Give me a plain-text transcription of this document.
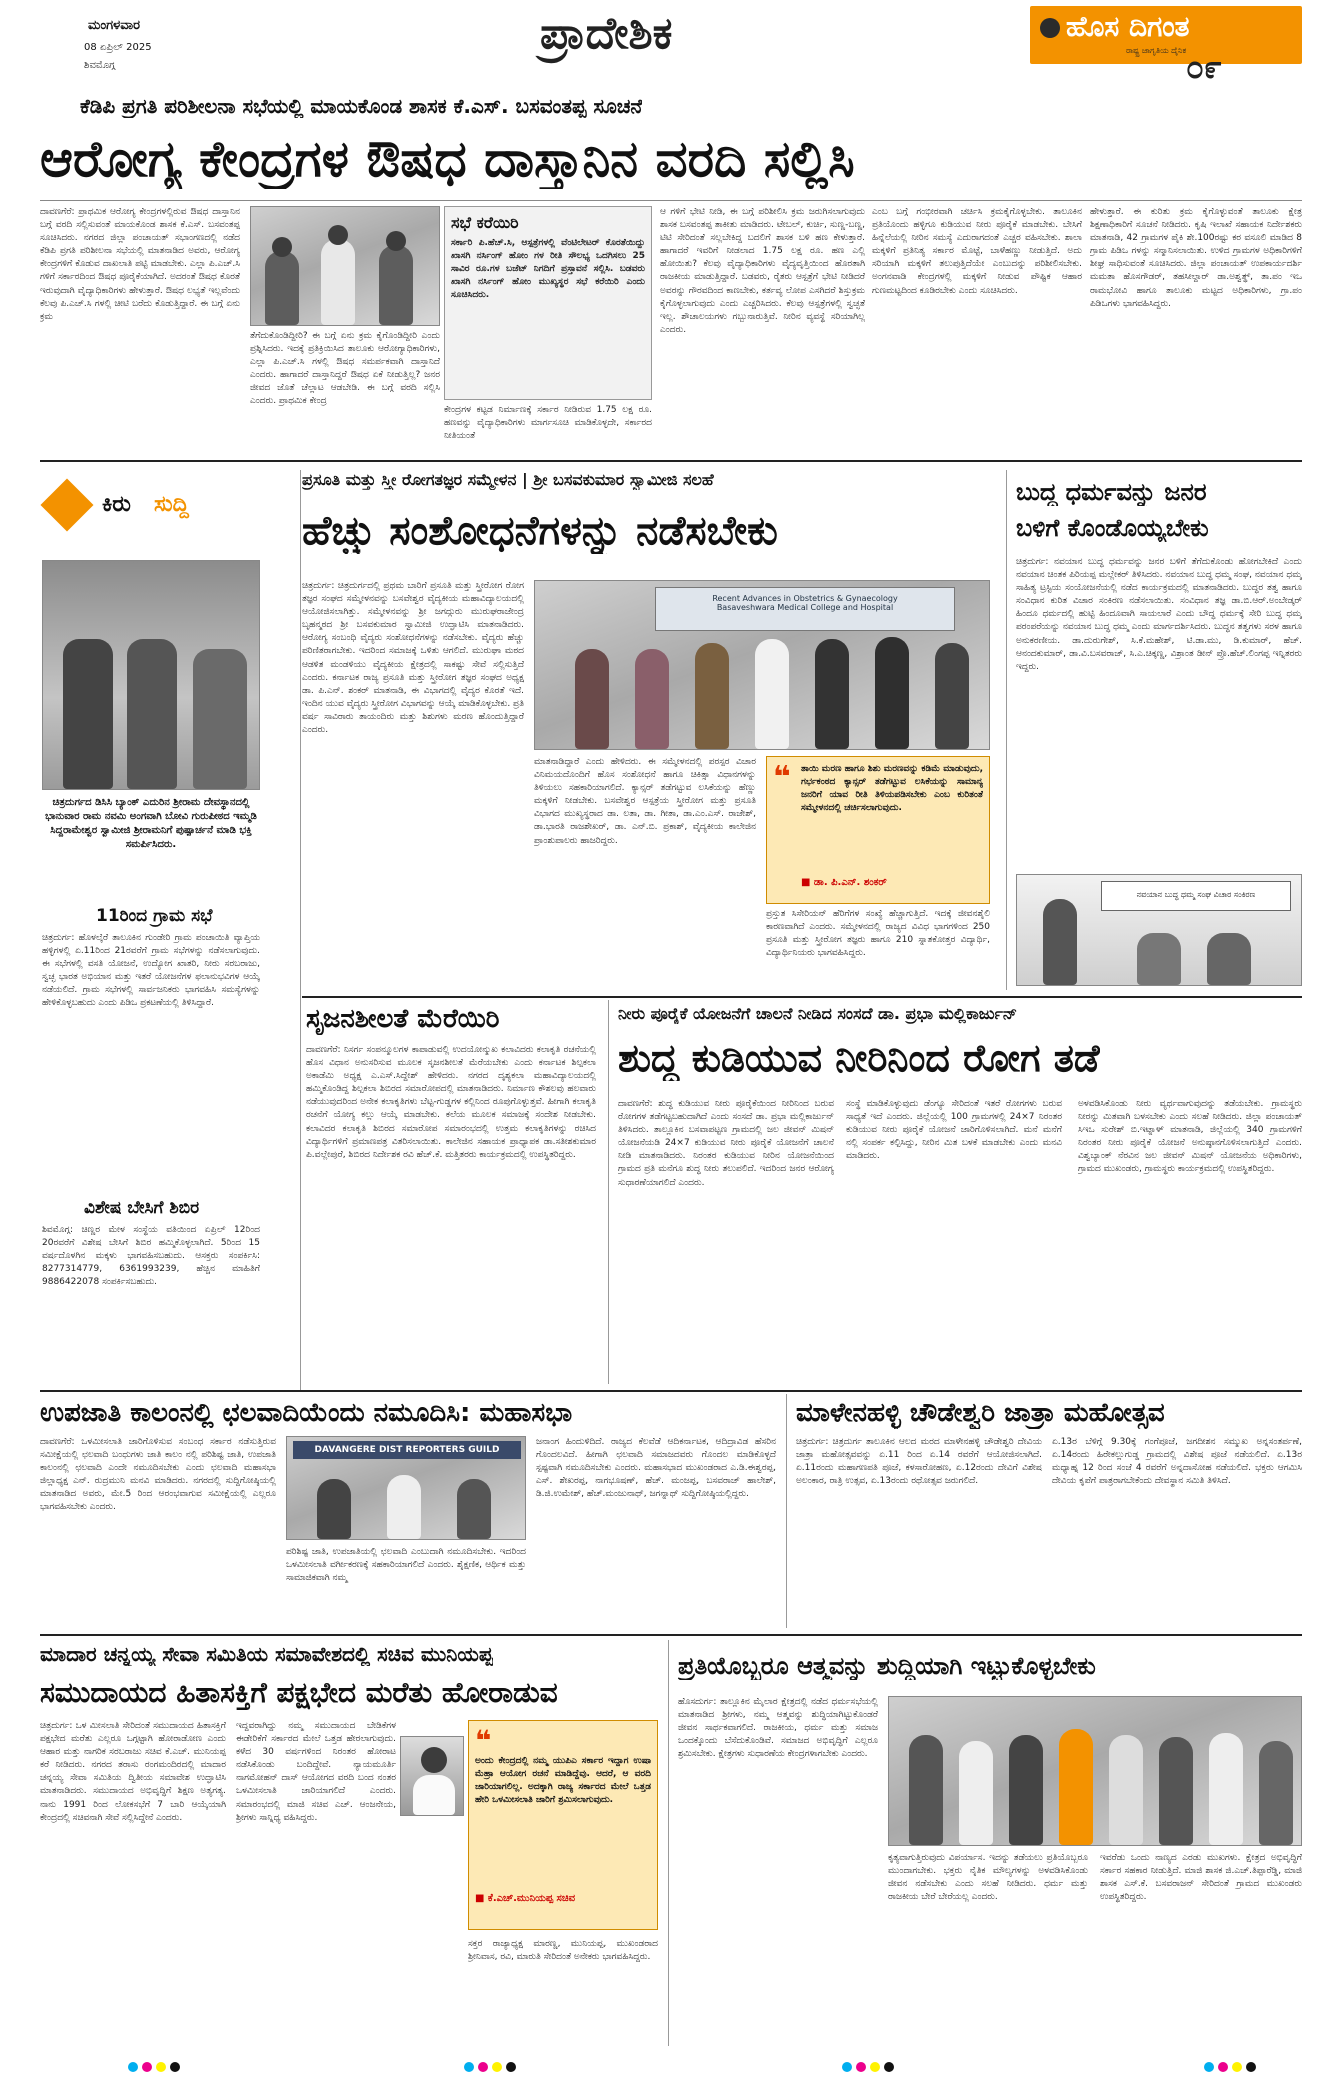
ಮಂಗಳವಾರ
08 ಏಪ್ರಿಲ್ 2025
ಶಿವಮೊಗ್ಗ
ಪ್ರಾದೇಶಿಕ	ಹೊಸ ದಿಗಂತ
ರಾಷ್ಟ್ರ ಜಾಗೃತಿಯ ದೈನಿಕ ೦೯
ಕೆಡಿಪಿ ಪ್ರಗತಿ ಪರಿಶೀಲನಾ ಸಭೆಯಲ್ಲಿ ಮಾಯಕೊಂಡ ಶಾಸಕ ಕೆ.ಎಸ್‌. ಬಸವಂತಪ್ಪ ಸೂಚನೆ
ಆರೋಗ್ಯ ಕೇಂದ್ರಗಳ ಔಷಧ ದಾಸ್ತಾನಿನ ವರದಿ ಸಲ್ಲಿಸಿ
ದಾವಣಗೆರೆ: ಪ್ರಾಥಮಿಕ ಆರೋಗ್ಯ ಕೇಂದ್ರಗಳಲ್ಲಿರುವ ಔಷಧ ದಾಸ್ತಾನಿನ ಬಗ್ಗೆ ವರದಿ ಸಲ್ಲಿಸುವಂತೆ ಮಾಯಕೊಂಡ ಶಾಸಕ ಕೆ.ಎಸ್. ಬಸವಂತಪ್ಪ ಸೂಚಿಸಿದರು. ನಗರದ ಜಿಲ್ಲಾ ಪಂಚಾಯತ್ ಸಭಾಂಗಣದಲ್ಲಿ ನಡೆದ ಕೆಡಿಪಿ ಪ್ರಗತಿ ಪರಿಶೀಲನಾ ಸಭೆಯಲ್ಲಿ ಮಾತನಾಡಿದ ಅವರು, ಆರೋಗ್ಯ ಕೇಂದ್ರಗಳಿಗೆ ಕೊಡುವ ದಾಖಲಾತಿ ಪಟ್ಟಿ ಮಾಡಬೇಕು. ಎಲ್ಲಾ ಪಿ.ಎಚ್.ಸಿ ಗಳಿಗೆ ಸರ್ಕಾರದಿಂದ ಔಷಧ ಪೂರೈಕೆಯಾಗಿದೆ. ಅದರಂತೆ ಔಷಧ ಕೊರತೆ ಇರುವುದಾಗಿ ವೈದ್ಯಾಧಿಕಾರಿಗಳು ಹೇಳುತ್ತಾರೆ. ಔಷಧ ಲಭ್ಯತೆ ಇಲ್ಲವೆಂದು ಕೆಲವು ಪಿ.ಎಚ್.ಸಿ ಗಳಲ್ಲಿ ಚೀಟಿ ಬರೆದು ಕೊಡುತ್ತಿದ್ದಾರೆ. ಈ ಬಗ್ಗೆ ಏನು ಕ್ರಮ
ತೆಗೆದುಕೊಂಡಿದ್ದೀರಿ? ಈ ಬಗ್ಗೆ ಏನು ಕ್ರಮ ಕೈಗೊಂಡಿದ್ದೀರಿ ಎಂದು ಪ್ರಶ್ನಿಸಿದರು. ಇದಕ್ಕೆ ಪ್ರತಿಕ್ರಿಯಿಸಿದ ತಾಲೂಕು ಆರೋಗ್ಯಾಧಿಕಾರಿಗಳು, ಎಲ್ಲಾ ಪಿ.ಎಚ್.ಸಿ ಗಳಲ್ಲಿ ಔಷಧ ಸಮರ್ಪಕವಾಗಿ ದಾಸ್ತಾನಿದೆ ಎಂದರು. ಹಾಗಾದರೆ ದಾಸ್ತಾನಿದ್ದರೆ ಔಷಧ ಏಕೆ ನೀಡುತ್ತಿಲ್ಲ? ಜನರ ಜೀವದ ಜೊತೆ ಚೆಲ್ಲಾಟ ಆಡಬೇಡಿ. ಈ ಬಗ್ಗೆ ವರದಿ ಸಲ್ಲಿಸಿ ಎಂದರು. ಪ್ರಾಥಮಿಕ ಕೇಂದ್ರ
ಸಭೆ ಕರೆಯಿರಿ
ಸರ್ಕಾರಿ ಪಿ.ಹೆಚ್.ಸಿ, ಆಸ್ಪತ್ರೆಗಳಲ್ಲಿ ವೆಂಟಿಲೇಟರ್ ಕೊರತೆಯಿದ್ದು ಖಾಸಗಿ ನರ್ಸಿಂಗ್ ಹೋಂ ಗಳ ರೀತಿ ಸೌಲಭ್ಯ ಒದಗಿಸಲು 25 ಸಾವಿರ ರೂ.ಗಳ ಬಜೆಟ್ ನಿಗದಿಗೆ ಪ್ರಸ್ತಾವನೆ ಸಲ್ಲಿಸಿ. ಬಡವರು ಖಾಸಗಿ ನರ್ಸಿಂಗ್ ಹೋಂ ಮುಖ್ಯಸ್ಥರ ಸಭೆ ಕರೆಯಿರಿ ಎಂದು ಸೂಚಿಸಿದರು.
ಕೇಂದ್ರಗಳ ಕಟ್ಟಡ ನಿರ್ಮಾಣಕ್ಕೆ ಸರ್ಕಾರ ನೀಡಿರುವ 1.75 ಲಕ್ಷ ರೂ. ಹಣವನ್ನು ವೈದ್ಯಾಧಿಕಾರಿಗಳು ಮಾರ್ಗಸೂಚಿ ಮಾಡಿಕೊಳ್ಳದೇ, ಸರ್ಕಾರದ ನೀತಿಯಂತೆ
ಆ ಗಳಿಗೆ ಭೇಟಿ ನೀಡಿ, ಈ ಬಗ್ಗೆ ಪರಿಶೀಲಿಸಿ ಕ್ರಮ ಜರುಗಿಸಲಾಗುವುದು ಶಾಸಕ ಬಸವಂತಪ್ಪ ತಾಕೀತು ಮಾಡಿದರು. ಟೇಬಲ್, ಕುರ್ಚಿ, ಸುಣ್ಣ-ಬಣ್ಣ, ಟಿಟಿ ಸೇರಿದಂತೆ ಸಲ್ಲಬೇಕಿದ್ದ ಬದಲಿಗೆ ಶಾಸಕ ಬಳಿ ಹಣ ಕೇಳುತ್ತಾರೆ. ಹಾಗಾದರೆ ಇವರಿಗೆ ನೀಡಲಾದ 1.75 ಲಕ್ಷ ರೂ. ಹಣ ಎಲ್ಲಿ ಹೋಯಿತು? ಕೆಲವು ವೈದ್ಯಾಧಿಕಾರಿಗಳು ವೈದ್ಯವೃತ್ತಿಯಿಂದ ಹೊರತಾಗಿ ರಾಜಕೀಯ ಮಾಡುತ್ತಿದ್ದಾರೆ. ಬಡವರು, ರೈತರು ಆಸ್ಪತ್ರೆಗೆ ಭೇಟಿ ನೀಡಿದರೆ ಅವರನ್ನು ಗೌರವದಿಂದ ಕಾಣಬೇಕು, ಕರ್ತವ್ಯ ಲೋಪ ಎಸಗಿದರೆ ಶಿಸ್ತುಕ್ರಮ ಕೈಗೊಳ್ಳಲಾಗುವುದು ಎಂದು ಎಚ್ಚರಿಸಿದರು. ಕೆಲವು ಆಸ್ಪತ್ರೆಗಳಲ್ಲಿ ಸ್ವಚ್ಛತೆ ಇಲ್ಲ. ಶೌಚಾಲಯಗಳು ಗಬ್ಬುನಾರುತ್ತಿವೆ. ನೀರಿನ ವ್ಯವಸ್ಥೆ ಸರಿಯಾಗಿಲ್ಲ ಎಂದರು.
ಎಂಬ ಬಗ್ಗೆ ಗಂಭೀರವಾಗಿ ಚರ್ಚಿಸಿ ಕ್ರಮಕೈಗೊಳ್ಳಬೇಕು. ತಾಲೂಕಿನ ಪ್ರತಿಯೊಂದು ಹಳ್ಳಿಗೂ ಕುಡಿಯುವ ನೀರು ಪೂರೈಕೆ ಮಾಡಬೇಕು. ಬೇಸಿಗೆ ಹಿನ್ನೆಲೆಯಲ್ಲಿ ನೀರಿನ ಸಮಸ್ಯೆ ಎದುರಾಗದಂತೆ ಎಚ್ಚರ ವಹಿಸಬೇಕು. ಶಾಲಾ ಮಕ್ಕಳಿಗೆ ಪ್ರತಿನಿತ್ಯ ಸರ್ಕಾರ ಮೊಟ್ಟೆ, ಬಾಳೆಹಣ್ಣು ನೀಡುತ್ತಿದೆ. ಅದು ಸರಿಯಾಗಿ ಮಕ್ಕಳಿಗೆ ತಲುಪುತ್ತಿದೆಯೇ ಎಂಬುದನ್ನು ಪರಿಶೀಲಿಸಬೇಕು. ಅಂಗನವಾಡಿ ಕೇಂದ್ರಗಳಲ್ಲಿ ಮಕ್ಕಳಿಗೆ ನೀಡುವ ಪೌಷ್ಟಿಕ ಆಹಾರ ಗುಣಮಟ್ಟದಿಂದ ಕೂಡಿರಬೇಕು ಎಂದು ಸೂಚಿಸಿದರು.
ಹೇಳುತ್ತಾರೆ. ಈ ಕುರಿತು ಕ್ರಮ ಕೈಗೊಳ್ಳುವಂತೆ ತಾಲೂಕು ಕ್ಷೇತ್ರ ಶಿಕ್ಷಣಾಧಿಕಾರಿಗೆ ಸೂಚನೆ ನೀಡಿದರು. ಕೃಷಿ ಇಲಾಖೆ ಸಹಾಯಕ ನಿರ್ದೇಶಕರು ಮಾತನಾಡಿ, 42 ಗ್ರಾಮಗಳ ಪೈಕಿ ಶೇ.100ರಷ್ಟು ಕರ ವಸೂಲಿ ಮಾಡಿದ 8 ಗ್ರಾಮ ಪಿಡಿಒ ಗಳನ್ನು ಸನ್ಮಾನಿಸಲಾಯಿತು. ಉಳಿದ ಗ್ರಾಮಗಳ ಅಧಿಕಾರಿಗಳಿಗೆ ಶೀಘ್ರ ಸಾಧಿಸುವಂತೆ ಸೂಚಿಸಿದರು. ಜಿಲ್ಲಾ ಪಂಚಾಯತ್ ಉಪಕಾರ್ಯದರ್ಶಿ ಮಮತಾ ಹೊಸಗೌಡರ್, ತಹಸೀಲ್ದಾರ್ ಡಾ.ಅಶ್ವತ್ಥ್, ತಾ.ಪಂ ಇಒ ರಾಮಭೋವಿ ಹಾಗೂ ತಾಲೂಕು ಮಟ್ಟದ ಅಧಿಕಾರಿಗಳು, ಗ್ರಾ.ಪಂ ಪಿಡಿಒಗಳು ಭಾಗವಹಿಸಿದ್ದರು.
ಕಿರು ಸುದ್ದಿ
ಚಿತ್ರದುರ್ಗದ ಡಿಸಿಸಿ ಬ್ಯಾಂಕ್ ಎದುರಿನ ಶ್ರೀರಾಮ ದೇವಸ್ಥಾನದಲ್ಲಿ ಭಾನುವಾರ ರಾಮ ನವಮಿ ಅಂಗವಾಗಿ ಬೋವಿ ಗುರುಪೀಠದ ಇಮ್ಮಡಿ ಸಿದ್ದರಾಮೇಶ್ವರ ಸ್ವಾಮೀಜಿ ಶ್ರೀರಾಮನಿಗೆ ಪುಷ್ಪಾರ್ಚನೆ ಮಾಡಿ ಭಕ್ತಿ ಸಮರ್ಪಿಸಿದರು.
11ರಿಂದ ಗ್ರಾಮ ಸಭೆ
ಚಿತ್ರದುರ್ಗ: ಹೊಳಲ್ಕೆರೆ ತಾಲೂಕಿನ ಗುಂಡೇರಿ ಗ್ರಾಮ ಪಂಚಾಯಿತಿ ವ್ಯಾಪ್ತಿಯ ಹಳ್ಳಿಗಳಲ್ಲಿ ಏ.11ರಿಂದ 21ರವರೆಗೆ ಗ್ರಾಮ ಸಭೆಗಳನ್ನು ನಡೆಸಲಾಗುವುದು. ಈ ಸಭೆಗಳಲ್ಲಿ ವಸತಿ ಯೋಜನೆ, ಉದ್ಯೋಗ ಖಾತರಿ, ನೀರು ಸರಬರಾಜು, ಸ್ವಚ್ಛ ಭಾರತ ಅಭಿಯಾನ ಮತ್ತು ಇತರೆ ಯೋಜನೆಗಳ ಫಲಾನುಭವಿಗಳ ಆಯ್ಕೆ ನಡೆಯಲಿದೆ. ಗ್ರಾಮ ಸಭೆಗಳಲ್ಲಿ ಸಾರ್ವಜನಿಕರು ಭಾಗವಹಿಸಿ ಸಮಸ್ಯೆಗಳನ್ನು ಹೇಳಿಕೊಳ್ಳಬಹುದು ಎಂದು ಪಿಡಿಒ ಪ್ರಕಟಣೆಯಲ್ಲಿ ತಿಳಿಸಿದ್ದಾರೆ.
ವಿಶೇಷ ಬೇಸಿಗೆ ಶಿಬಿರ
ಶಿವಮೊಗ್ಗ: ಚಿಣ್ಣರ ಮೇಳ ಸಂಸ್ಥೆಯ ವತಿಯಿಂದ ಏಪ್ರಿಲ್ 12ರಿಂದ 20ರವರೆಗೆ ವಿಶೇಷ ಬೇಸಿಗೆ ಶಿಬಿರ ಹಮ್ಮಿಕೊಳ್ಳಲಾಗಿದೆ. 5ರಿಂದ 15 ವರ್ಷದೊಳಗಿನ ಮಕ್ಕಳು ಭಾಗವಹಿಸಬಹುದು. ಆಸಕ್ತರು ಸಂಪರ್ಕಿಸಿ: 8277314779, 6361993239, ಹೆಚ್ಚಿನ ಮಾಹಿತಿಗೆ 9886422078 ಸಂಪರ್ಕಿಸಬಹುದು.
ಪ್ರಸೂತಿ ಮತ್ತು ಸ್ತ್ರೀ ರೋಗತಜ್ಞರ ಸಮ್ಮೇಳನ | ಶ್ರೀ ಬಸವಕುಮಾರ ಸ್ವಾಮೀಜಿ ಸಲಹೆ
ಹೆಚ್ಚು ಸಂಶೋಧನೆಗಳನ್ನು ನಡೆಸಬೇಕು
ಚಿತ್ರದುರ್ಗ: ಚಿತ್ರದುರ್ಗದಲ್ಲಿ ಪ್ರಥಮ ಬಾರಿಗೆ ಪ್ರಸೂತಿ ಮತ್ತು ಸ್ತ್ರೀರೋಗ ರೋಗ ತಜ್ಞರ ಸಂಘದ ಸಮ್ಮೇಳನವನ್ನು ಬಸವೇಶ್ವರ ವೈದ್ಯಕೀಯ ಮಹಾವಿದ್ಯಾಲಯದಲ್ಲಿ ಆಯೋಜಿಸಲಾಗಿತ್ತು. ಸಮ್ಮೇಳನವನ್ನು ಶ್ರೀ ಜಗದ್ಗುರು ಮುರುಘರಾಜೇಂದ್ರ ಬೃಹನ್ಮಠದ ಶ್ರೀ ಬಸವಕುಮಾರ ಸ್ವಾಮೀಜಿ ಉದ್ಘಾಟಿಸಿ ಮಾತನಾಡಿದರು. ಆರೋಗ್ಯ ಸಂಬಂಧಿ ವೈದ್ಯರು ಸಂಶೋಧನೆಗಳನ್ನು ನಡೆಸಬೇಕು. ವೈದ್ಯರು ಹೆಚ್ಚು ಪರಿಣಿತರಾಗಬೇಕು. ಇದರಿಂದ ಸಮಾಜಕ್ಕೆ ಒಳಿತು ಆಗಲಿದೆ. ಮುರುಘಾ ಮಠದ ಆಡಳಿತ ಮಂಡಳಿಯು ವೈದ್ಯಕೀಯ ಕ್ಷೇತ್ರದಲ್ಲಿ ಸಾಕಷ್ಟು ಸೇವೆ ಸಲ್ಲಿಸುತ್ತಿದೆ ಎಂದರು. ಕರ್ನಾಟಕ ರಾಜ್ಯ ಪ್ರಸೂತಿ ಮತ್ತು ಸ್ತ್ರೀರೋಗ ತಜ್ಞರ ಸಂಘದ ಅಧ್ಯಕ್ಷ ಡಾ. ಪಿ.ಎನ್. ಶಂಕರ್ ಮಾತನಾಡಿ, ಈ ವಿಭಾಗದಲ್ಲಿ ವೈದ್ಯರ ಕೊರತೆ ಇದೆ. ಇಂದಿನ ಯುವ ವೈದ್ಯರು ಸ್ತ್ರೀರೋಗ ವಿಭಾಗವನ್ನು ಆಯ್ಕೆ ಮಾಡಿಕೊಳ್ಳಬೇಕು. ಪ್ರತಿ ವರ್ಷ ಸಾವಿರಾರು ತಾಯಂದಿರು ಮತ್ತು ಶಿಶುಗಳು ಮರಣ ಹೊಂದುತ್ತಿದ್ದಾರೆ ಎಂದರು.
Recent Advances in Obstetrics & Gynaecology
Basaveshwara Medical College and Hospital
ಮಾತನಾಡಿದ್ದಾರೆ ಎಂದು ಹೇಳಿದರು. ಈ ಸಮ್ಮೇಳನದಲ್ಲಿ ಪರಸ್ಪರ ವಿಚಾರ ವಿನಿಮಯದೊಂದಿಗೆ ಹೊಸ ಸಂಶೋಧನೆ ಹಾಗೂ ಚಿಕಿತ್ಸಾ ವಿಧಾನಗಳನ್ನು ತಿಳಿಯಲು ಸಹಕಾರಿಯಾಗಲಿದೆ. ಕ್ಯಾನ್ಸರ್ ತಡೆಗಟ್ಟುವ ಲಸಿಕೆಯನ್ನು ಹೆಣ್ಣು ಮಕ್ಕಳಿಗೆ ನೀಡಬೇಕು. ಬಸವೇಶ್ವರ ಆಸ್ಪತ್ರೆಯ ಸ್ತ್ರೀರೋಗ ಮತ್ತು ಪ್ರಸೂತಿ ವಿಭಾಗದ ಮುಖ್ಯಸ್ಥರಾದ ಡಾ. ಲತಾ, ಡಾ. ಗೀತಾ, ಡಾ.ಎಂ.ಎಸ್. ರಾಜೇಶ್, ಡಾ.ಭಾರತಿ ರಾಜಶೇಖರ್, ಡಾ. ಎನ್.ಬಿ. ಪ್ರಕಾಶ್, ವೈದ್ಯಕೀಯ ಕಾಲೇಜಿನ ಪ್ರಾಂಶುಪಾಲರು ಹಾಜರಿದ್ದರು.
❝ ತಾಯಿ ಮರಣ ಹಾಗೂ ಶಿಶು ಮರಣವನ್ನು ಕಡಿಮೆ ಮಾಡುವುದು, ಗರ್ಭಕಂಠದ ಕ್ಯಾನ್ಸರ್ ತಡೆಗಟ್ಟುವ ಲಸಿಕೆಯನ್ನು ಸಾಮಾನ್ಯ ಜನರಿಗೆ ಯಾವ ರೀತಿ ತಿಳಿಯಪಡಿಸಬೇಕು ಎಂಬ ಕುರಿತಂತೆ ಸಮ್ಮೇಳನದಲ್ಲಿ ಚರ್ಚಿಸಲಾಗುವುದು.
■ ಡಾ. ಪಿ.ಎನ್. ಶಂಕರ್
ಪ್ರಸ್ತುತ ಸಿಸೇರಿಯನ್ ಹೆರಿಗೆಗಳ ಸಂಖ್ಯೆ ಹೆಚ್ಚಾಗುತ್ತಿದೆ. ಇದಕ್ಕೆ ಜೀವನಶೈಲಿ ಕಾರಣವಾಗಿದೆ ಎಂದರು. ಸಮ್ಮೇಳನದಲ್ಲಿ ರಾಜ್ಯದ ವಿವಿಧ ಭಾಗಗಳಿಂದ 250 ಪ್ರಸೂತಿ ಮತ್ತು ಸ್ತ್ರೀರೋಗ ತಜ್ಞರು ಹಾಗೂ 210 ಸ್ನಾತಕೋತ್ತರ ವಿದ್ಯಾರ್ಥಿ, ವಿದ್ಯಾರ್ಥಿನಿಯರು ಭಾಗವಹಿಸಿದ್ದರು.
ಬುದ್ಧ ಧರ್ಮವನ್ನು ಜನರ
ಬಳಿಗೆ ಕೊಂಡೊಯ್ಯಬೇಕು
ಚಿತ್ರದುರ್ಗ: ನವಯಾನ ಬುದ್ಧ ಧರ್ಮವನ್ನು ಜನರ ಬಳಿಗೆ ತೆಗೆದುಕೊಂಡು ಹೋಗಬೇಕಿದೆ ಎಂದು ನವಯಾನ ಚಿಂತಕ ಪಿರಿಯಪ್ಪ ಮಲ್ಲೇಕರ್ ತಿಳಿಸಿದರು. ನವಯಾನ ಬುದ್ಧ ಧಮ್ಮ ಸಂಘ, ನವಯಾನ ಧಮ್ಮ ಸಾಹಿತ್ಯ ಟ್ರಸ್ಟಿಯ ಸಂಯೋಜನೆಯಲ್ಲಿ ನಡೆದ ಕಾರ್ಯಕ್ರಮದಲ್ಲಿ ಮಾತನಾಡಿದರು. ಬುದ್ಧರ ತತ್ವ ಹಾಗೂ ಸಂವಿಧಾನ ಕುರಿತ ವಿಚಾರ ಸಂಕಿರಣ ನಡೆಸಲಾಯಿತು. ಸಂವಿಧಾನ ತಜ್ಞ ಡಾ.ಬಿ.ಆರ್.ಅಂಬೇಡ್ಕರ್ ಹಿಂದೂ ಧರ್ಮದಲ್ಲಿ ಹುಟ್ಟಿ ಹಿಂದೂವಾಗಿ ಸಾಯಲಾರೆ ಎಂದು ಬೌದ್ಧ ಧರ್ಮಕ್ಕೆ ಸೇರಿ ಬುದ್ಧ ಧಮ್ಮ ಪರಂಪರೆಯನ್ನು ನವಯಾನ ಬುದ್ಧ ಧಮ್ಮ ಎಂದು ಮಾರ್ಗದರ್ಶಿಸಿದರು. ಬುದ್ಧನ ತತ್ವಗಳು ಸರಳ ಹಾಗೂ ಅನುಕರಣೀಯ. ಡಾ.ದುರುಗೇಶ್, ಸಿ.ಕೆ.ಮಹೇಶ್, ಟಿ.ಡಾ.ಮು, ಡಿ.ಕುಮಾರ್, ಹೆಚ್. ಆನಂದಕುಮಾರ್, ಡಾ.ವಿ.ಬಸವರಾಜ್, ಸಿ.ಎ.ಚಿಕ್ಕಣ್ಣ, ವಿಶ್ರಾಂತ ಡೀನ್ ಪ್ರೊ.ಹೆಚ್.ಲಿಂಗಪ್ಪ ಇನ್ನಿತರರು ಇದ್ದರು.
ನವಯಾನ ಬುದ್ಧ ಧಮ್ಮ ಸಂಘ ವಿಚಾರ ಸಂಕಿರಣ
ಸೃಜನಶೀಲತೆ ಮೆರೆಯಿರಿ
ದಾವಣಗೆರೆ: ನಿಸರ್ಗ ಸಂಪನ್ಮೂಲಗಳ ಕಾಪಾಡುವಲ್ಲಿ ಉದಯೋನ್ಮುಖ ಕಲಾವಿದರು ಕಲಾಕೃತಿ ರಚನೆಯಲ್ಲಿ ಹೊಸ ವಿಧಾನ ಅನುಸರಿಸುವ ಮೂಲಕ ಸೃಜನಶೀಲತೆ ಮೆರೆಯಬೇಕು ಎಂದು ಕರ್ನಾಟಕ ಶಿಲ್ಪಕಲಾ ಅಕಾಡೆಮಿ ಅಧ್ಯಕ್ಷ ಎ.ಎಸ್.ಸಿದ್ದೇಶ್ ಹೇಳಿದರು. ನಗರದ ದೃಶ್ಯಕಲಾ ಮಹಾವಿದ್ಯಾಲಯದಲ್ಲಿ ಹಮ್ಮಿಕೊಂಡಿದ್ದ ಶಿಲ್ಪಕಲಾ ಶಿಬಿರದ ಸಮಾರೋಪದಲ್ಲಿ ಮಾತನಾಡಿದರು. ನಿರ್ಮಾಣ ಕೌಶಲವು ಹಲವಾರು ನಡೆಯುವುದರಿಂದ ಅನೇಕ ಕಲಾಕೃತಿಗಳು ಬೆಟ್ಟ-ಗುಡ್ಡಗಳ ಕಲ್ಲಿನಿಂದ ರೂಪುಗೊಳ್ಳುತ್ತವೆ. ಹೀಗಾಗಿ ಕಲಾಕೃತಿ ರಚನೆಗೆ ಯೋಗ್ಯ ಕಲ್ಲು ಆಯ್ಕೆ ಮಾಡಬೇಕು. ಕಲೆಯ ಮೂಲಕ ಸಮಾಜಕ್ಕೆ ಸಂದೇಶ ನೀಡಬೇಕು. ಕಲಾವಿದರ ಕಲಾಕೃತಿ ಶಿಬಿರದ ಸಮಾರೋಪ ಸಮಾರಂಭದಲ್ಲಿ ಉತ್ತಮ ಕಲಾಕೃತಿಗಳನ್ನು ರಚಿಸಿದ ವಿದ್ಯಾರ್ಥಿಗಳಿಗೆ ಪ್ರಮಾಣಪತ್ರ ವಿತರಿಸಲಾಯಿತು. ಕಾಲೇಜಿನ ಸಹಾಯಕ ಪ್ರಾಧ್ಯಾಪಕ ಡಾ.ಸತೀಶಕುಮಾರ ಪಿ.ವಲ್ಲೇಪುರೆ, ಶಿಬಿರದ ನಿರ್ದೇಶಕ ರವಿ ಹೆಚ್.ಕೆ. ಮತ್ತಿತರರು ಕಾರ್ಯಕ್ರಮದಲ್ಲಿ ಉಪಸ್ಥಿತರಿದ್ದರು.
ನೀರು ಪೂರೈಕೆ ಯೋಜನೆಗೆ ಚಾಲನೆ ನೀಡಿದ ಸಂಸದೆ ಡಾ. ಪ್ರಭಾ ಮಲ್ಲಿಕಾರ್ಜುನ್
ಶುದ್ಧ ಕುಡಿಯುವ ನೀರಿನಿಂದ ರೋಗ ತಡೆ
ದಾವಣಗೆರೆ: ಶುದ್ಧ ಕುಡಿಯುವ ನೀರು ಪೂರೈಕೆಯಿಂದ ನೀರಿನಿಂದ ಬರುವ ರೋಗಗಳ ತಡೆಗಟ್ಟಬಹುದಾಗಿದೆ ಎಂದು ಸಂಸದೆ ಡಾ. ಪ್ರಭಾ ಮಲ್ಲಿಕಾರ್ಜುನ್ ತಿಳಿಸಿದರು. ತಾಲ್ಲೂಕಿನ ಬಸವಾಪಟ್ಟಣ ಗ್ರಾಮದಲ್ಲಿ ಜಲ ಜೀವನ್ ಮಿಷನ್ ಯೋಜನೆಯಡಿ 24×7 ಕುಡಿಯುವ ನೀರು ಪೂರೈಕೆ ಯೋಜನೆಗೆ ಚಾಲನೆ ನೀಡಿ ಮಾತನಾಡಿದರು. ನಿರಂತರ ಕುಡಿಯುವ ನೀರಿನ ಯೋಜನೆಯಿಂದ ಗ್ರಾಮದ ಪ್ರತಿ ಮನೆಗೂ ಶುದ್ಧ ನೀರು ತಲುಪಲಿದೆ. ಇದರಿಂದ ಜನರ ಆರೋಗ್ಯ ಸುಧಾರಣೆಯಾಗಲಿದೆ ಎಂದರು.
ಸಂಸ್ಥೆ ಮಾಡಿಕೊಳ್ಳುವುದು ಡೆಂಗ್ಯೂ ಸೇರಿದಂತೆ ಇತರೆ ರೋಗಗಳು ಬರುವ ಸಾಧ್ಯತೆ ಇದೆ ಎಂದರು. ಜಿಲ್ಲೆಯಲ್ಲಿ 100 ಗ್ರಾಮಗಳಲ್ಲಿ 24×7 ನಿರಂತರ ಕುಡಿಯುವ ನೀರು ಪೂರೈಕೆ ಯೋಜನೆ ಜಾರಿಗೊಳಿಸಲಾಗಿದೆ. ಮನೆ ಮನೆಗೆ ನಲ್ಲಿ ಸಂಪರ್ಕ ಕಲ್ಪಿಸಿದ್ದು, ನೀರಿನ ಮಿತ ಬಳಕೆ ಮಾಡಬೇಕು ಎಂದು ಮನವಿ ಮಾಡಿದರು.
ಅಳವಡಿಸಿಕೊಂಡು ನೀರು ವ್ಯರ್ಥವಾಗುವುದನ್ನು ತಡೆಯಬೇಕು. ಗ್ರಾಮಸ್ಥರು ನೀರನ್ನು ಮಿತವಾಗಿ ಬಳಸಬೇಕು ಎಂದು ಸಲಹೆ ನೀಡಿದರು. ಜಿಲ್ಲಾ ಪಂಚಾಯತ್ ಸಿಇಒ ಸುರೇಶ್ ಬಿ.ಇಟ್ನಾಳ್ ಮಾತನಾಡಿ, ಜಿಲ್ಲೆಯಲ್ಲಿ 340 ಗ್ರಾಮಗಳಿಗೆ ನಿರಂತರ ನೀರು ಪೂರೈಕೆ ಯೋಜನೆ ಅನುಷ್ಠಾನಗೊಳಿಸಲಾಗುತ್ತಿದೆ ಎಂದರು. ವಿಶ್ವಬ್ಯಾಂಕ್ ನೆರವಿನ ಜಲ ಜೀವನ್ ಮಿಷನ್ ಯೋಜನೆಯ ಅಧಿಕಾರಿಗಳು, ಗ್ರಾಮದ ಮುಖಂಡರು, ಗ್ರಾಮಸ್ಥರು ಕಾರ್ಯಕ್ರಮದಲ್ಲಿ ಉಪಸ್ಥಿತರಿದ್ದರು.
ಉಪಜಾತಿ ಕಾಲಂನಲ್ಲಿ ಛಲವಾದಿಯೆಂದು ನಮೂದಿಸಿ: ಮಹಾಸಭಾ
ದಾವಣಗೆರೆ: ಒಳಮೀಸಲಾತಿ ಜಾರಿಗೊಳಿಸುವ ಸಂಬಂಧ ಸರ್ಕಾರ ನಡೆಸುತ್ತಿರುವ ಸಮೀಕ್ಷೆಯಲ್ಲಿ ಛಲವಾದಿ ಬಂಧುಗಳು ಜಾತಿ ಕಾಲಂ ನಲ್ಲಿ ಪರಿಶಿಷ್ಟ ಜಾತಿ, ಉಪಜಾತಿ ಕಾಲಂನಲ್ಲಿ ಛಲವಾದಿ ಎಂದೇ ನಮೂದಿಸಬೇಕು ಎಂದು ಛಲವಾದಿ ಮಹಾಸಭಾ ಜಿಲ್ಲಾಧ್ಯಕ್ಷ ಎನ್. ರುದ್ರಮುನಿ ಮನವಿ ಮಾಡಿದರು. ನಗರದಲ್ಲಿ ಸುದ್ದಿಗೋಷ್ಠಿಯಲ್ಲಿ ಮಾತನಾಡಿದ ಅವರು, ಮೇ.5 ರಿಂದ ಆರಂಭವಾಗುವ ಸಮೀಕ್ಷೆಯಲ್ಲಿ ಎಲ್ಲರೂ ಭಾಗವಹಿಸಬೇಕು ಎಂದರು.
DAVANGERE DIST REPORTERS GUILD
ಪರಿಶಿಷ್ಟ ಜಾತಿ, ಉಪಜಾತಿಯಲ್ಲಿ ಛಲವಾದಿ ಎಂಬುದಾಗಿ ನಮೂದಿಸಬೇಕು. ಇದರಿಂದ ಒಳಮೀಸಲಾತಿ ವರ್ಗೀಕರಣಕ್ಕೆ ಸಹಕಾರಿಯಾಗಲಿದೆ ಎಂದರು. ಶೈಕ್ಷಣಿಕ, ಆರ್ಥಿಕ ಮತ್ತು ಸಾಮಾಜಿಕವಾಗಿ ನಮ್ಮ
ಜನಾಂಗ ಹಿಂದುಳಿದಿದೆ. ರಾಜ್ಯದ ಕೆಲವೆಡೆ ಆದಿಕರ್ನಾಟಕ, ಆದಿದ್ರಾವಿಡ ಹೆಸರಿನ ಗೊಂದಲವಿದೆ. ಹೀಗಾಗಿ ಛಲವಾದಿ ಸಮಾಜದವರು ಗೊಂದಲ ಮಾಡಿಕೊಳ್ಳದೆ ಸ್ಪಷ್ಟವಾಗಿ ನಮೂದಿಸಬೇಕು ಎಂದರು. ಮಹಾಸಭಾದ ಮುಖಂಡರಾದ ಎ.ಡಿ.ಈಶ್ವರಪ್ಪ, ಎಸ್. ಶೇಖರಪ್ಪ, ನಾಗಭೂಷಣ್, ಹೆಚ್. ಮಂಜಪ್ಪ, ಬಸವರಾಜ್ ಹಾಲೇಶ್, ಡಿ.ಜಿ.ಉಮೇಶ್, ಹೆಚ್.ಮಂಜುನಾಥ್, ಜಗನ್ನಾಥ್ ಸುದ್ದಿಗೋಷ್ಠಿಯಲ್ಲಿದ್ದರು.
ಮಾಳೇನಹಳ್ಳಿ ಚೌಡೇಶ್ವರಿ ಜಾತ್ರಾ ಮಹೋತ್ಸವ
ಚಿತ್ರದುರ್ಗ: ಚಿತ್ರದುರ್ಗ ತಾಲೂಕಿನ ಆಲದ ಮರದ ಮಾಳೇನಹಳ್ಳಿ ಚೌಡೇಶ್ವರಿ ದೇವಿಯ ಜಾತ್ರಾ ಮಹೋತ್ಸವವನ್ನು ಏ.11 ರಿಂದ ಏ.14 ರವರೆಗೆ ಆಯೋಜಿಸಲಾಗಿದೆ. ಏ.11ರಂದು ಮಹಾಗಣಪತಿ ಪೂಜೆ, ಕಳಸಾರೋಹಣ, ಏ.12ರಂದು ದೇವಿಗೆ ವಿಶೇಷ ಅಲಂಕಾರ, ರಾತ್ರಿ ಉತ್ಸವ, ಏ.13ರಂದು ರಥೋತ್ಸವ ಜರುಗಲಿದೆ.
ಏ.13ರ ಬೆಳಿಗ್ಗೆ 9.30ಕ್ಕೆ ಗಂಗೆಪೂಜೆ, ಜಗದೀಶನ ಸಮ್ಮುಖ ಅನ್ನಸಂತರ್ಪಣೆ, ಏ.14ರಂದು ಹಿರೇಕಲ್ಲುಗುಡ್ಡ ಗ್ರಾಮದಲ್ಲಿ ವಿಶೇಷ ಪೂಜೆ ನಡೆಯಲಿದೆ. ಏ.13ರ ಮಧ್ಯಾಹ್ನ 12 ರಿಂದ ಸಂಜೆ 4 ರವರೆಗೆ ಅನ್ನದಾಸೋಹ ನಡೆಯಲಿದೆ. ಭಕ್ತರು ಆಗಮಿಸಿ ದೇವಿಯ ಕೃಪೆಗೆ ಪಾತ್ರರಾಗಬೇಕೆಂದು ದೇವಸ್ಥಾನ ಸಮಿತಿ ತಿಳಿಸಿದೆ.
ಮಾದಾರ ಚನ್ನಯ್ಯ ಸೇವಾ ಸಮಿತಿಯ ಸಮಾವೇಶದಲ್ಲಿ ಸಚಿವ ಮುನಿಯಪ್ಪ
ಸಮುದಾಯದ ಹಿತಾಸಕ್ತಿಗೆ ಪಕ್ಷಭೇದ ಮರೆತು ಹೋರಾಡುವ
ಚಿತ್ರದುರ್ಗ: ಒಳ ಮೀಸಲಾತಿ ಸೇರಿದಂತೆ ಸಮುದಾಯದ ಹಿತಾಸಕ್ತಿಗೆ ಪಕ್ಷಭೇದ ಮರೆತು ಎಲ್ಲರೂ ಒಗ್ಗಟ್ಟಾಗಿ ಹೋರಾಡೋಣ ಎಂದು ಆಹಾರ ಮತ್ತು ನಾಗರಿಕ ಸರಬರಾಜು ಸಚಿವ ಕೆ.ಎಚ್. ಮುನಿಯಪ್ಪ ಕರೆ ನೀಡಿದರು. ನಗರದ ತರಾಸು ರಂಗಮಂದಿರದಲ್ಲಿ ಮಾದಾರ ಚನ್ನಯ್ಯ ಸೇವಾ ಸಮಿತಿಯ ದ್ವಿತೀಯ ಸಮಾವೇಶ ಉದ್ಘಾಟಿಸಿ ಮಾತನಾಡಿದರು. ಸಮುದಾಯದ ಅಭಿವೃದ್ಧಿಗೆ ಶಿಕ್ಷಣ ಅತ್ಯಗತ್ಯ. ನಾನು 1991 ರಿಂದ ಲೋಕಸಭೆಗೆ 7 ಬಾರಿ ಆಯ್ಕೆಯಾಗಿ ಕೇಂದ್ರದಲ್ಲಿ ಸಚಿವನಾಗಿ ಸೇವೆ ಸಲ್ಲಿಸಿದ್ದೇನೆ ಎಂದರು.
ಇದ್ದವರಾಗಿದ್ದು ನಮ್ಮ ಸಮುದಾಯದ ಬೇಡಿಕೆಗಳ ಈಡೇರಿಕೆಗೆ ಸರ್ಕಾರದ ಮೇಲೆ ಒತ್ತಡ ಹೇರಲಾಗುವುದು. ಕಳೆದ 30 ವರ್ಷಗಳಿಂದ ನಿರಂತರ ಹೋರಾಟ ನಡೆಸಿಕೊಂಡು ಬಂದಿದ್ದೇವೆ. ನ್ಯಾಯಮೂರ್ತಿ ನಾಗಮೋಹನ್ ದಾಸ್ ಆಯೋಗದ ವರದಿ ಬಂದ ನಂತರ ಒಳಮೀಸಲಾತಿ ಜಾರಿಯಾಗಲಿದೆ ಎಂದರು. ಸಮಾರಂಭದಲ್ಲಿ ಮಾಜಿ ಸಚಿವ ಎಚ್. ಆಂಜನೇಯ, ಶ್ರೀಗಳು ಸಾನ್ನಿಧ್ಯ ವಹಿಸಿದ್ದರು.
❝
ಅಂದು ಕೇಂದ್ರದಲ್ಲಿ ನಮ್ಮ ಯುಪಿಎ ಸರ್ಕಾರ ಇದ್ದಾಗ ಉಷಾ ಮೆಹ್ರಾ ಆಯೋಗ ರಚನೆ ಮಾಡಿದ್ದೆವು. ಆದರೆ, ಆ ವರದಿ ಜಾರಿಯಾಗಲಿಲ್ಲ. ಅದಕ್ಕಾಗಿ ರಾಜ್ಯ ಸರ್ಕಾರದ ಮೇಲೆ ಒತ್ತಡ ಹೇರಿ ಒಳಮೀಸಲಾತಿ ಜಾರಿಗೆ ಶ್ರಮಿಸಲಾಗುವುದು.
■ ಕೆ.ಎಚ್.ಮುನಿಯಪ್ಪ ಸಚಿವ
ಸಕ್ತರ ರಾಜ್ಯಾಧ್ಯಕ್ಷ ಮಾರಣ್ಣ, ಮುನಿಯಪ್ಪ, ಮುಖಂಡರಾದ ಶ್ರೀನಿವಾಸ, ರವಿ, ಮಾರುತಿ ಸೇರಿದಂತೆ ಅನೇಕರು ಭಾಗವಹಿಸಿದ್ದರು.
ಪ್ರತಿಯೊಬ್ಬರೂ ಆತ್ಮವನ್ನು ಶುದ್ಧಿಯಾಗಿ ಇಟ್ಟುಕೊಳ್ಳಬೇಕು
ಹೊಸದುರ್ಗ: ತಾಲ್ಲೂಕಿನ ಮೈಲಾರ ಕ್ಷೇತ್ರದಲ್ಲಿ ನಡೆದ ಧರ್ಮಸಭೆಯಲ್ಲಿ ಮಾತನಾಡಿದ ಶ್ರೀಗಳು, ನಮ್ಮ ಆತ್ಮವನ್ನು ಶುದ್ಧಿಯಾಗಿಟ್ಟುಕೊಂಡರೆ ಜೀವನ ಸಾರ್ಥಕವಾಗಲಿದೆ. ರಾಜಕೀಯ, ಧರ್ಮ ಮತ್ತು ಸಮಾಜ ಒಂದಕ್ಕೊಂದು ಬೆಸೆದುಕೊಂಡಿವೆ. ಸಮಾಜದ ಅಭಿವೃದ್ಧಿಗೆ ಎಲ್ಲರೂ ಶ್ರಮಿಸಬೇಕು. ಕ್ಷೇತ್ರಗಳು ಸುಧಾರಣೆಯ ಕೇಂದ್ರಗಳಾಗಬೇಕು ಎಂದರು.
ಕೃತ್ಯವಾಗುತ್ತಿರುವುದು ವಿಪರ್ಯಾಸ. ಇದನ್ನು ತಡೆಯಲು ಪ್ರತಿಯೊಬ್ಬರೂ ಮುಂದಾಗಬೇಕು. ಭಕ್ತರು ನೈತಿಕ ಮೌಲ್ಯಗಳನ್ನು ಅಳವಡಿಸಿಕೊಂಡು ಜೀವನ ನಡೆಸಬೇಕು ಎಂದು ಸಲಹೆ ನೀಡಿದರು. ಧರ್ಮ ಮತ್ತು ರಾಜಕೀಯ ಬೇರೆ ಬೇರೆಯಲ್ಲ ಎಂದರು.
ಇವರೆಡು ಒಂದು ನಾಣ್ಯದ ಎರಡು ಮುಖಗಳು. ಕ್ಷೇತ್ರದ ಅಭಿವೃದ್ಧಿಗೆ ಸರ್ಕಾರ ಸಹಕಾರ ನೀಡುತ್ತಿದೆ. ಮಾಜಿ ಶಾಸಕ ಜಿ.ಎಚ್.ತಿಪ್ಪಾರೆಡ್ಡಿ, ಮಾಜಿ ಶಾಸಕ ಎಸ್.ಕೆ. ಬಸವರಾಜನ್ ಸೇರಿದಂತೆ ಗ್ರಾಮದ ಮುಖಂಡರು ಉಪಸ್ಥಿತರಿದ್ದರು.
